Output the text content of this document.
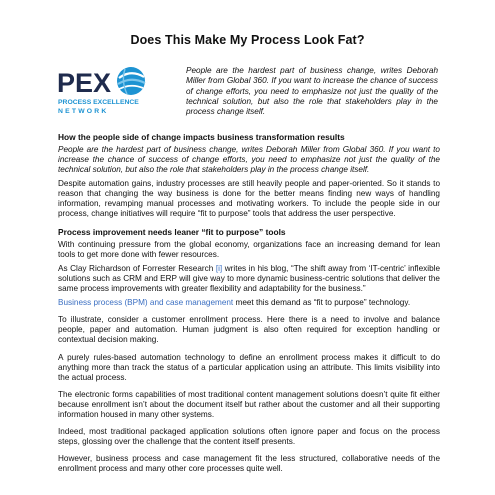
Does This Make My Process Look Fat?
PEX
PROCESS EXCELLENCE
NETWORK
People are the hardest part of business change, writes Deborah Miller from Global 360. If you want to increase the chance of success of change efforts, you need to emphasize not just the quality of the technical solution, but also the role that stakeholders play in the process change itself.
How the people side of change impacts business transformation results

People are the hardest part of business change, writes Deborah Miller from Global 360. If you want to increase the chance of success of change efforts, you need to emphasize not just the quality of the technical solution, but also the role that stakeholders play in the process change itself.

Despite automation gains, industry processes are still heavily people and paper-oriented. So it stands to reason that changing the way business is done for the better means finding new ways of handling information, revamping manual processes and motivating workers. To include the people side in our process, change initiatives will require “fit to purpose” tools that address the user perspective.

Process improvement needs leaner “fit to purpose” tools

With continuing pressure from the global economy, organizations face an increasing demand for lean tools to get more done with fewer resources.

As Clay Richardson of Forrester Research [i] writes in his blog, “The shift away from ‘IT-centric’ inflexible solutions such as CRM and ERP will give way to more dynamic business-centric solutions that deliver the same process improvements with greater flexibility and adaptability for the business.”

Business process (BPM) and case management meet this demand as “fit to purpose” technology.

To illustrate, consider a customer enrollment process. Here there is a need to involve and balance people, paper and automation. Human judgment is also often required for exception handling or contextual decision making.

A purely rules-based automation technology to define an enrollment process makes it difficult to do anything more than track the status of a particular application using an attribute. This limits visibility into the actual process.

The electronic forms capabilities of most traditional content management solutions doesn’t quite fit either because enrollment isn’t about the document itself but rather about the customer and all their supporting information housed in many other systems.

Indeed, most traditional packaged application solutions often ignore paper and focus on the process steps, glossing over the challenge that the content itself presents.

However, business process and case management fit the less structured, collaborative needs of the enrollment process and many other core processes quite well.
